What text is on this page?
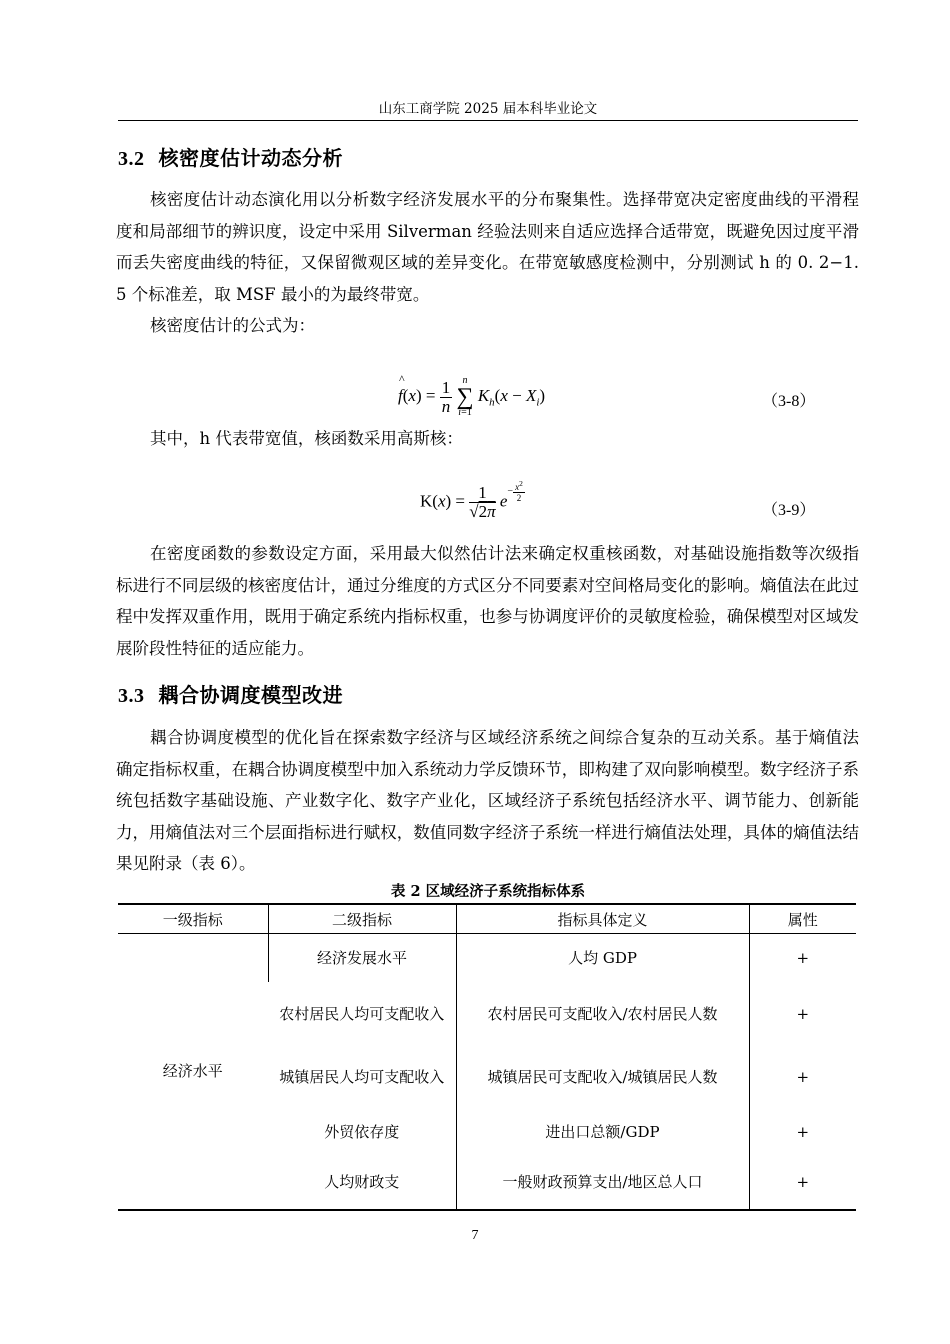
山东工商学院 2025 届本科毕业论文
3.2 核密度估计动态分析

核密度估计动态演化用以分析数字经济发展水平的分布聚集性。选择带宽决定密度曲线的平滑程度和局部细节的辨识度，设定中采用 Silverman 经验法则来自适应选择合适带宽，既避免因过度平滑而丢失密度曲线的特征，又保留微观区域的差异变化。在带宽敏感度检测中，分别测试 h 的 0. 2−1. 5 个标准差，取 MSF 最小的为最终带宽。

核密度估计的公式为：

f
^
$(x) = \frac{1}{n}$ n
∑
i=1 $K_h(x - X_i)$	（3-8）

其中，h 代表带宽值，核函数采用高斯核：

$K(x) = \frac{1}{√2\pi} e^{- \frac{x^2}{2}}$
（3-9）

在密度函数的参数设定方面，采用最大似然估计法来确定权重核函数，对基础设施指数等次级指标进行不同层级的核密度估计，通过分维度的方式区分不同要素对空间格局变化的影响。熵值法在此过程中发挥双重作用，既用于确定系统内指标权重，也参与协调度评价的灵敏度检验，确保模型对区域发展阶段性特征的适应能力。

3.3 耦合协调度模型改进

耦合协调度模型的优化旨在探索数字经济与区域经济系统之间综合复杂的互动关系。基于熵值法确定指标权重，在耦合协调度模型中加入系统动力学反馈环节，即构建了双向影响模型。数字经济子系统包括数字基础设施、产业数字化、数字产业化，区域经济子系统包括经济水平、调节能力、创新能力，用熵值法对三个层面指标进行赋权，数值同数字经济子系统一样进行熵值法处理，具体的熵值法结果见附录（表 6）。

表 2 区域经济子系统指标体系
一级指标	二级指标	指标具体定义	属性
经济水平	经济发展水平	人均 GDP	+
	农村居民人均可支配收入	农村居民可支配收入/农村居民人数	+
	城镇居民人均可支配收入	城镇居民可支配收入/城镇居民人数	+
	外贸依存度	进出口总额/GDP	+
	人均财政支	一般财政预算支出/地区总人口	+
7
